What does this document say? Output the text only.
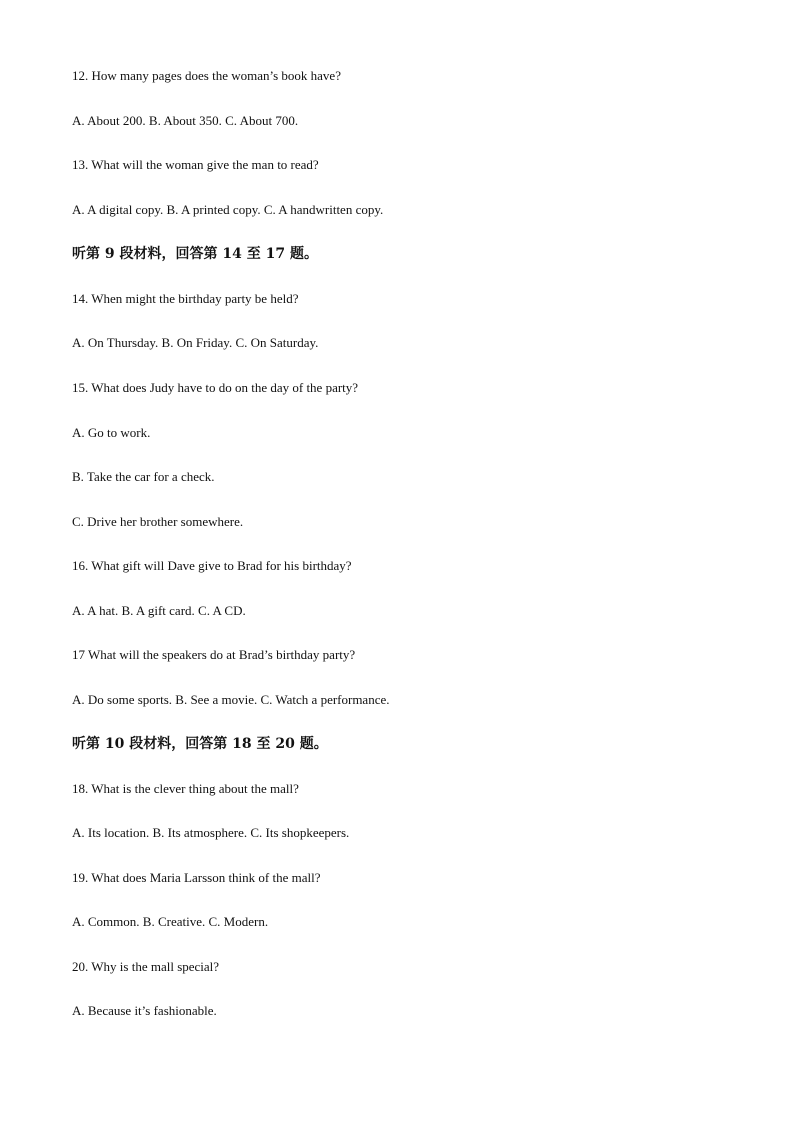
12. How many pages does the woman’s book have?
A. About 200. B. About 350. C. About 700.
13. What will the woman give the man to read?
A. A digital copy. B. A printed copy. C. A handwritten copy.
听第 9 段材料，回答第 14 至 17 题。
14. When might the birthday party be held?
A. On Thursday. B. On Friday. C. On Saturday.
15. What does Judy have to do on the day of the party?
A. Go to work.
B. Take the car for a check.
C. Drive her brother somewhere.
16. What gift will Dave give to Brad for his birthday?
A. A hat. B. A gift card. C. A CD.
17 What will the speakers do at Brad’s birthday party?
A. Do some sports. B. See a movie. C. Watch a performance.
听第 10 段材料，回答第 18 至 20 题。
18. What is the clever thing about the mall?
A. Its location. B. Its atmosphere. C. Its shopkeepers.
19. What does Maria Larsson think of the mall?
A. Common. B. Creative. C. Modern.
20. Why is the mall special?
A. Because it’s fashionable.
